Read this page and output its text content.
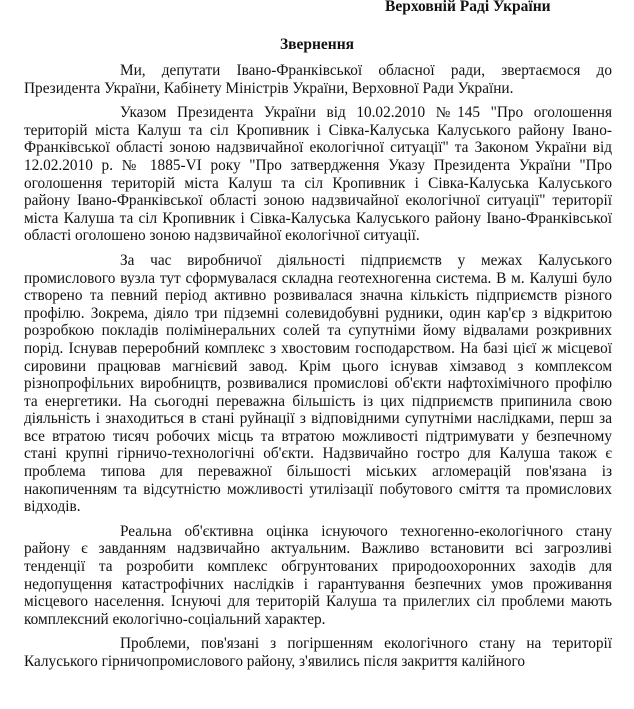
Верховній Раді України
Звернення

Ми, депутати Івано-Франківської обласної ради, звертаємося до Президента України, Кабінету Міністрів України, Верховної Ради України.

Указом Президента України від 10.02.2010 №145 "Про оголошення територій міста Калуш та сіл Кропивник і Сівка-Калуська Калуського району Івано-Франківської області зоною надзвичайної екологічної ситуації" та Законом України від 12.02.2010 р. № 1885-VI року "Про затвердження Указу Президента України "Про оголошення територій міста Калуш та сіл Кропивник і Сівка-Калуська Калуського району Івано-Франківської області зоною надзвичайної екологічної ситуації" території міста Калуша та сіл Кропивник і Сівка-Калуська Калуського району Івано-Франківської області оголошено зоною надзвичайної екологічної ситуації.

За час виробничої діяльності підприємств у межах Калуського промислового вузла тут сформувалася складна геотехногенна система. В м. Калуші було створено та певний період активно розвивалася значна кількість підприємств різного профілю. Зокрема, діяло три підземні солевидобувні рудники, один кар'єр з відкритою розробкою покладів полімінеральних солей та супутніми йому відвалами розкривних порід. Існував переробний комплекс з хвостовим господарством. На базі цієї ж місцевої сировини працював магнієвий завод. Крім цього існував хімзавод з комплексом різнопрофільних виробництв, розвивалися промислові об'єкти нафтохімічного профілю та енергетики. На сьогодні переважна більшість із цих підприємств припинила свою діяльність і знаходиться в стані руйнації з відповідними супутніми наслідками, перш за все втратою тисяч робочих місць та втратою можливості підтримувати у безпечному стані крупні гірничо-технологічні об'єкти. Надзвичайно гостро для Калуша також є проблема типова для переважної більшості міських агломерацій пов'язана із накопиченням та відсутністю можливості утилізації побутового сміття та промислових відходів.

Реальна об'єктивна оцінка існуючого техногенно-екологічного стану району є завданням надзвичайно актуальним. Важливо встановити всі загрозливі тенденції та розробити комплекс обгрунтованих природоохоронних заходів для недопущення катастрофічних наслідків і гарантування безпечних умов проживання місцевого населення. Існуючі для територій Калуша та прилеглих сіл проблеми мають комплексний екологічно-соціальний характер.

Проблеми, пов'язані з погіршенням екологічного стану на території Калуського гірничопромислового району, з'явились після закриття калійного
